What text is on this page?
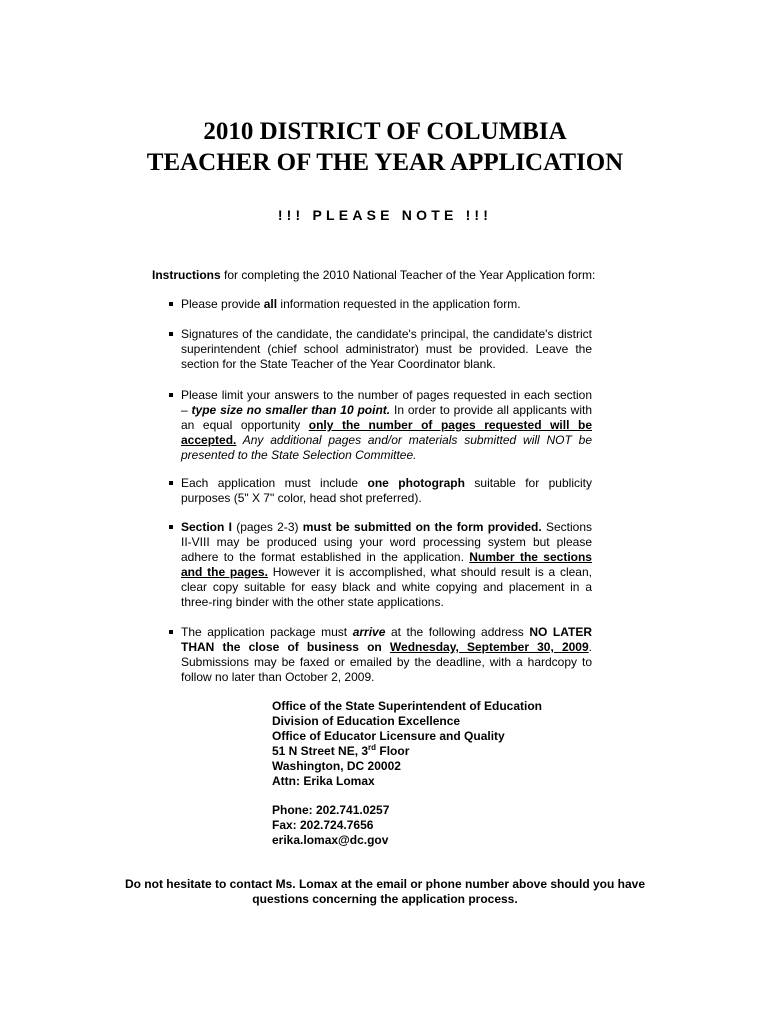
2010 DISTRICT OF COLUMBIA
TEACHER OF THE YEAR APPLICATION
!!! PLEASE NOTE !!!
Instructions for completing the 2010 National Teacher of the Year Application form:
Please provide all information requested in the application form.
Signatures of the candidate, the candidate's principal, the candidate's district superintendent (chief school administrator) must be provided. Leave the section for the State Teacher of the Year Coordinator blank.
Please limit your answers to the number of pages requested in each section – type size no smaller than 10 point. In order to provide all applicants with an equal opportunity only the number of pages requested will be accepted. Any additional pages and/or materials submitted will NOT be presented to the State Selection Committee.
Each application must include one photograph suitable for publicity purposes (5" X 7" color, head shot preferred).
Section I (pages 2-3) must be submitted on the form provided. Sections II-VIII may be produced using your word processing system but please adhere to the format established in the application. Number the sections and the pages. However it is accomplished, what should result is a clean, clear copy suitable for easy black and white copying and placement in a three-ring binder with the other state applications.
The application package must arrive at the following address NO LATER THAN the close of business on Wednesday, September 30, 2009. Submissions may be faxed or emailed by the deadline, with a hardcopy to follow no later than October 2, 2009.
Office of the State Superintendent of Education
Division of Education Excellence
Office of Educator Licensure and Quality
51 N Street NE, 3rd Floor
Washington, DC 20002
Attn: Erika Lomax
Phone: 202.741.0257
Fax: 202.724.7656
erika.lomax@dc.gov
Do not hesitate to contact Ms. Lomax at the email or phone number above should you have
questions concerning the application process.
